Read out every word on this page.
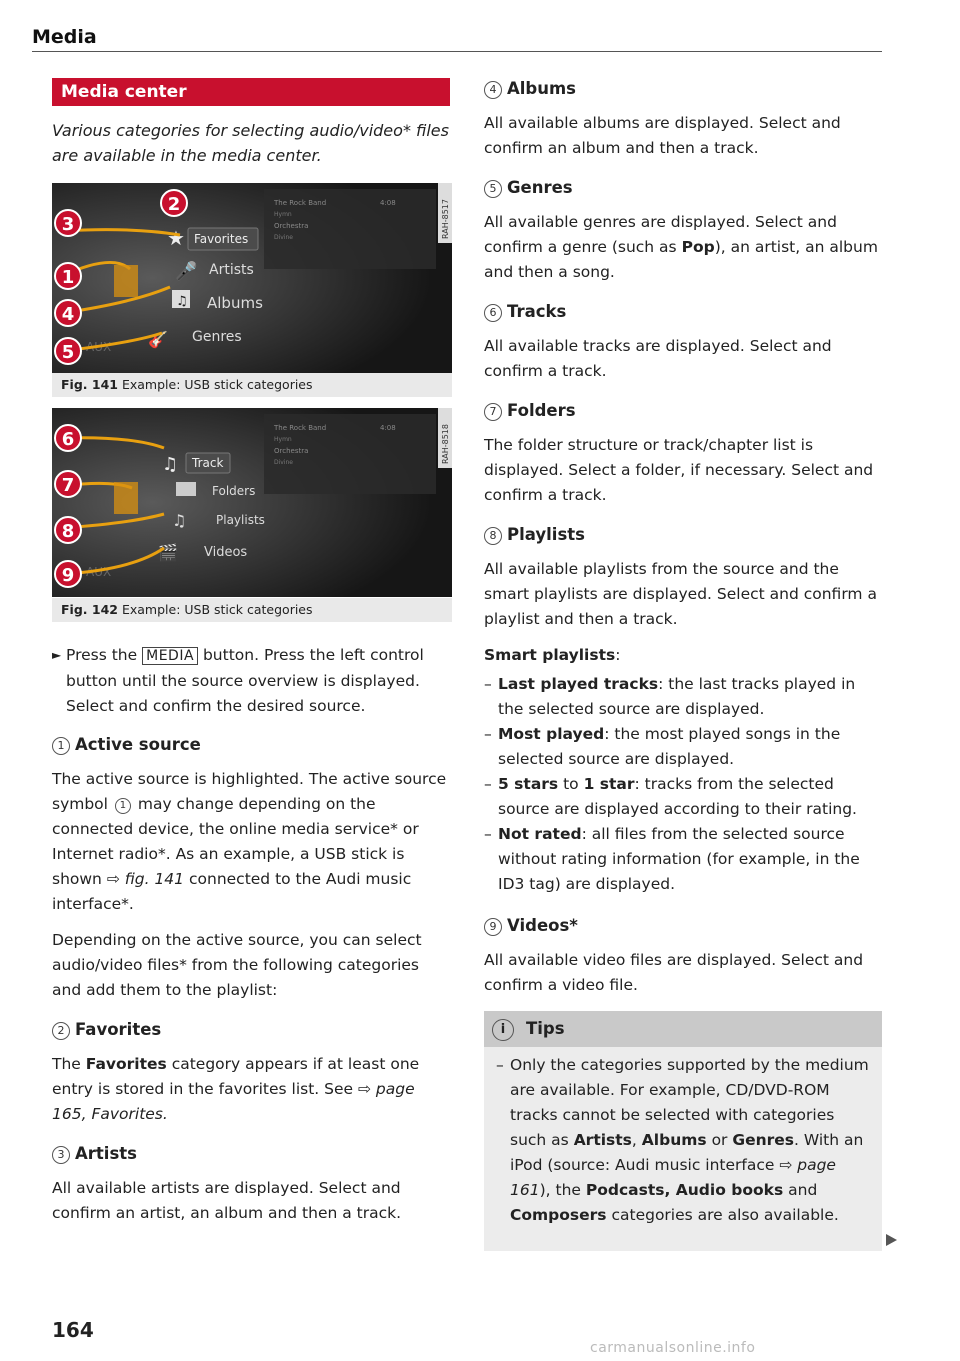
Media
Media center
Various categories for selecting audio/video* files are available in the media center.
The Rock Band
Hymn
Orchestra
Divine
4:08	RAH-8517
Favorites
Artists
Albums
Genres
★
🎤
♫
🎸
AUX
2
3
1
4
5
Fig. 141 Example: USB stick categories
The Rock Band
Hymn
Orchestra
Divine
4:08	RAH-8518
Track
Folders
Playlists
Videos
♫
♫
🎬
AUX
6
7
8
9
Fig. 142 Example: USB stick categories
► Press the MEDIA button. Press the left control button until the source overview is displayed. Select and confirm the desired source.
1 Active source
The active source is highlighted. The active source symbol 1 may change depending on the connected device, the online media service* or Internet radio*. As an example, a USB stick is shown ⇨ fig. 141 connected to the Audi music interface*.
Depending on the active source, you can select audio/video files* from the following categories and add them to the playlist:
2 Favorites
The Favorites category appears if at least one entry is stored in the favorites list. See ⇨ page 165, Favorites.
3 Artists
All available artists are displayed. Select and confirm an artist, an album and then a track.
164
4 Albums
All available albums are displayed. Select and confirm an album and then a track.
5 Genres
All available genres are displayed. Select and confirm a genre (such as Pop), an artist, an album and then a song.
6 Tracks
All available tracks are displayed. Select and confirm a track.
7 Folders
The folder structure or track/chapter list is displayed. Select a folder, if necessary. Select and confirm a track.
8 Playlists
All available playlists from the source and the smart playlists are displayed. Select and confirm a playlist and then a track.
Smart playlists:
– Last played tracks: the last tracks played in the selected source are displayed.
– Most played: the most played songs in the selected source are displayed.
– 5 stars to 1 star: tracks from the selected source are displayed according to their rating.
– Not rated: all files from the selected source without rating information (for example, in the ID3 tag) are displayed.
9 Videos*
All available video files are displayed. Select and confirm a video file.
i Tips
– Only the categories supported by the medium are available. For example, CD/DVD-ROM tracks cannot be selected with categories such as Artists, Albums or Genres. With an iPod (source: Audi music interface ⇨ page 161), the Podcasts, Audio books and Composers categories are also available.
carmanualsonline.info
